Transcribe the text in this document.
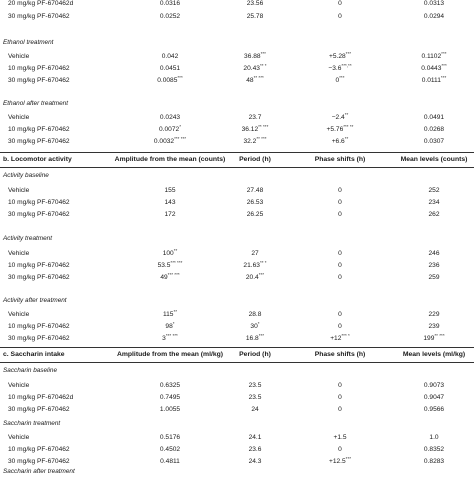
20 mg/kg PF-670462d	0.0316	23.56	0	0.0313
30 mg/kg PF-670462	0.0252	25.78	0	0.0294
Ethanol treatment
Vehicle	0.042	36.88***	+5.28***	0.1102***
10 mg/kg PF-670462	0.0451	20.43** *	−3.6***,**	0.0443***
30 mg/kg PF-670462	0.0085***	48** ***	0***	0.0111***
Ethanol after treatment
Vehicle	0.0243	23.7	−2.4**	0.0491
10 mg/kg PF-670462	0.0072*	36.12** ***	+5.76*** **	0.0268
30 mg/kg PF-670462	0.0032*** ***	32.2** ***	+6.6**	0.0307
b. Locomotor activity	Amplitude from the mean (counts)	Period (h)	Phase shifts (h)	Mean levels (counts)
Activity baseline
Vehicle	155	27.48	0	252
10 mg/kg PF-670462	143	26.53	0	234
30 mg/kg PF-670462	172	26.25	0	262
Activity treatment
Vehicle	100**	27	0	246
10 mg/kg PF-670462	53.5*** ***	21.63** *	0	236
30 mg/kg PF-670462	49*** ***	20.4***	0	259
Activity after treatment
Vehicle	115**	28.8	0	229
10 mg/kg PF-670462	98*	30*	0	239
30 mg/kg PF-670462	3*** ***	16.8***	+12*** *	199** ***
c. Saccharin intake	Amplitude from the mean (ml/kg)	Period (h)	Phase shifts (h)	Mean levels (ml/kg)
Saccharin baseline
Vehicle	0.6325	23.5	0	0.9073
10 mg/kg PF-670462d	0.7495	23.5	0	0.9047
30 mg/kg PF-670462	1.0055	24	0	0.9566
Saccharin treatment
Vehicle	0.5176	24.1	+1.5	1.0
10 mg/kg PF-670462	0.4502	23.6	0	0.8352
30 mg/kg PF-670462	0.4811	24.3	+12.5***	0.8283
Saccharin after treatment
